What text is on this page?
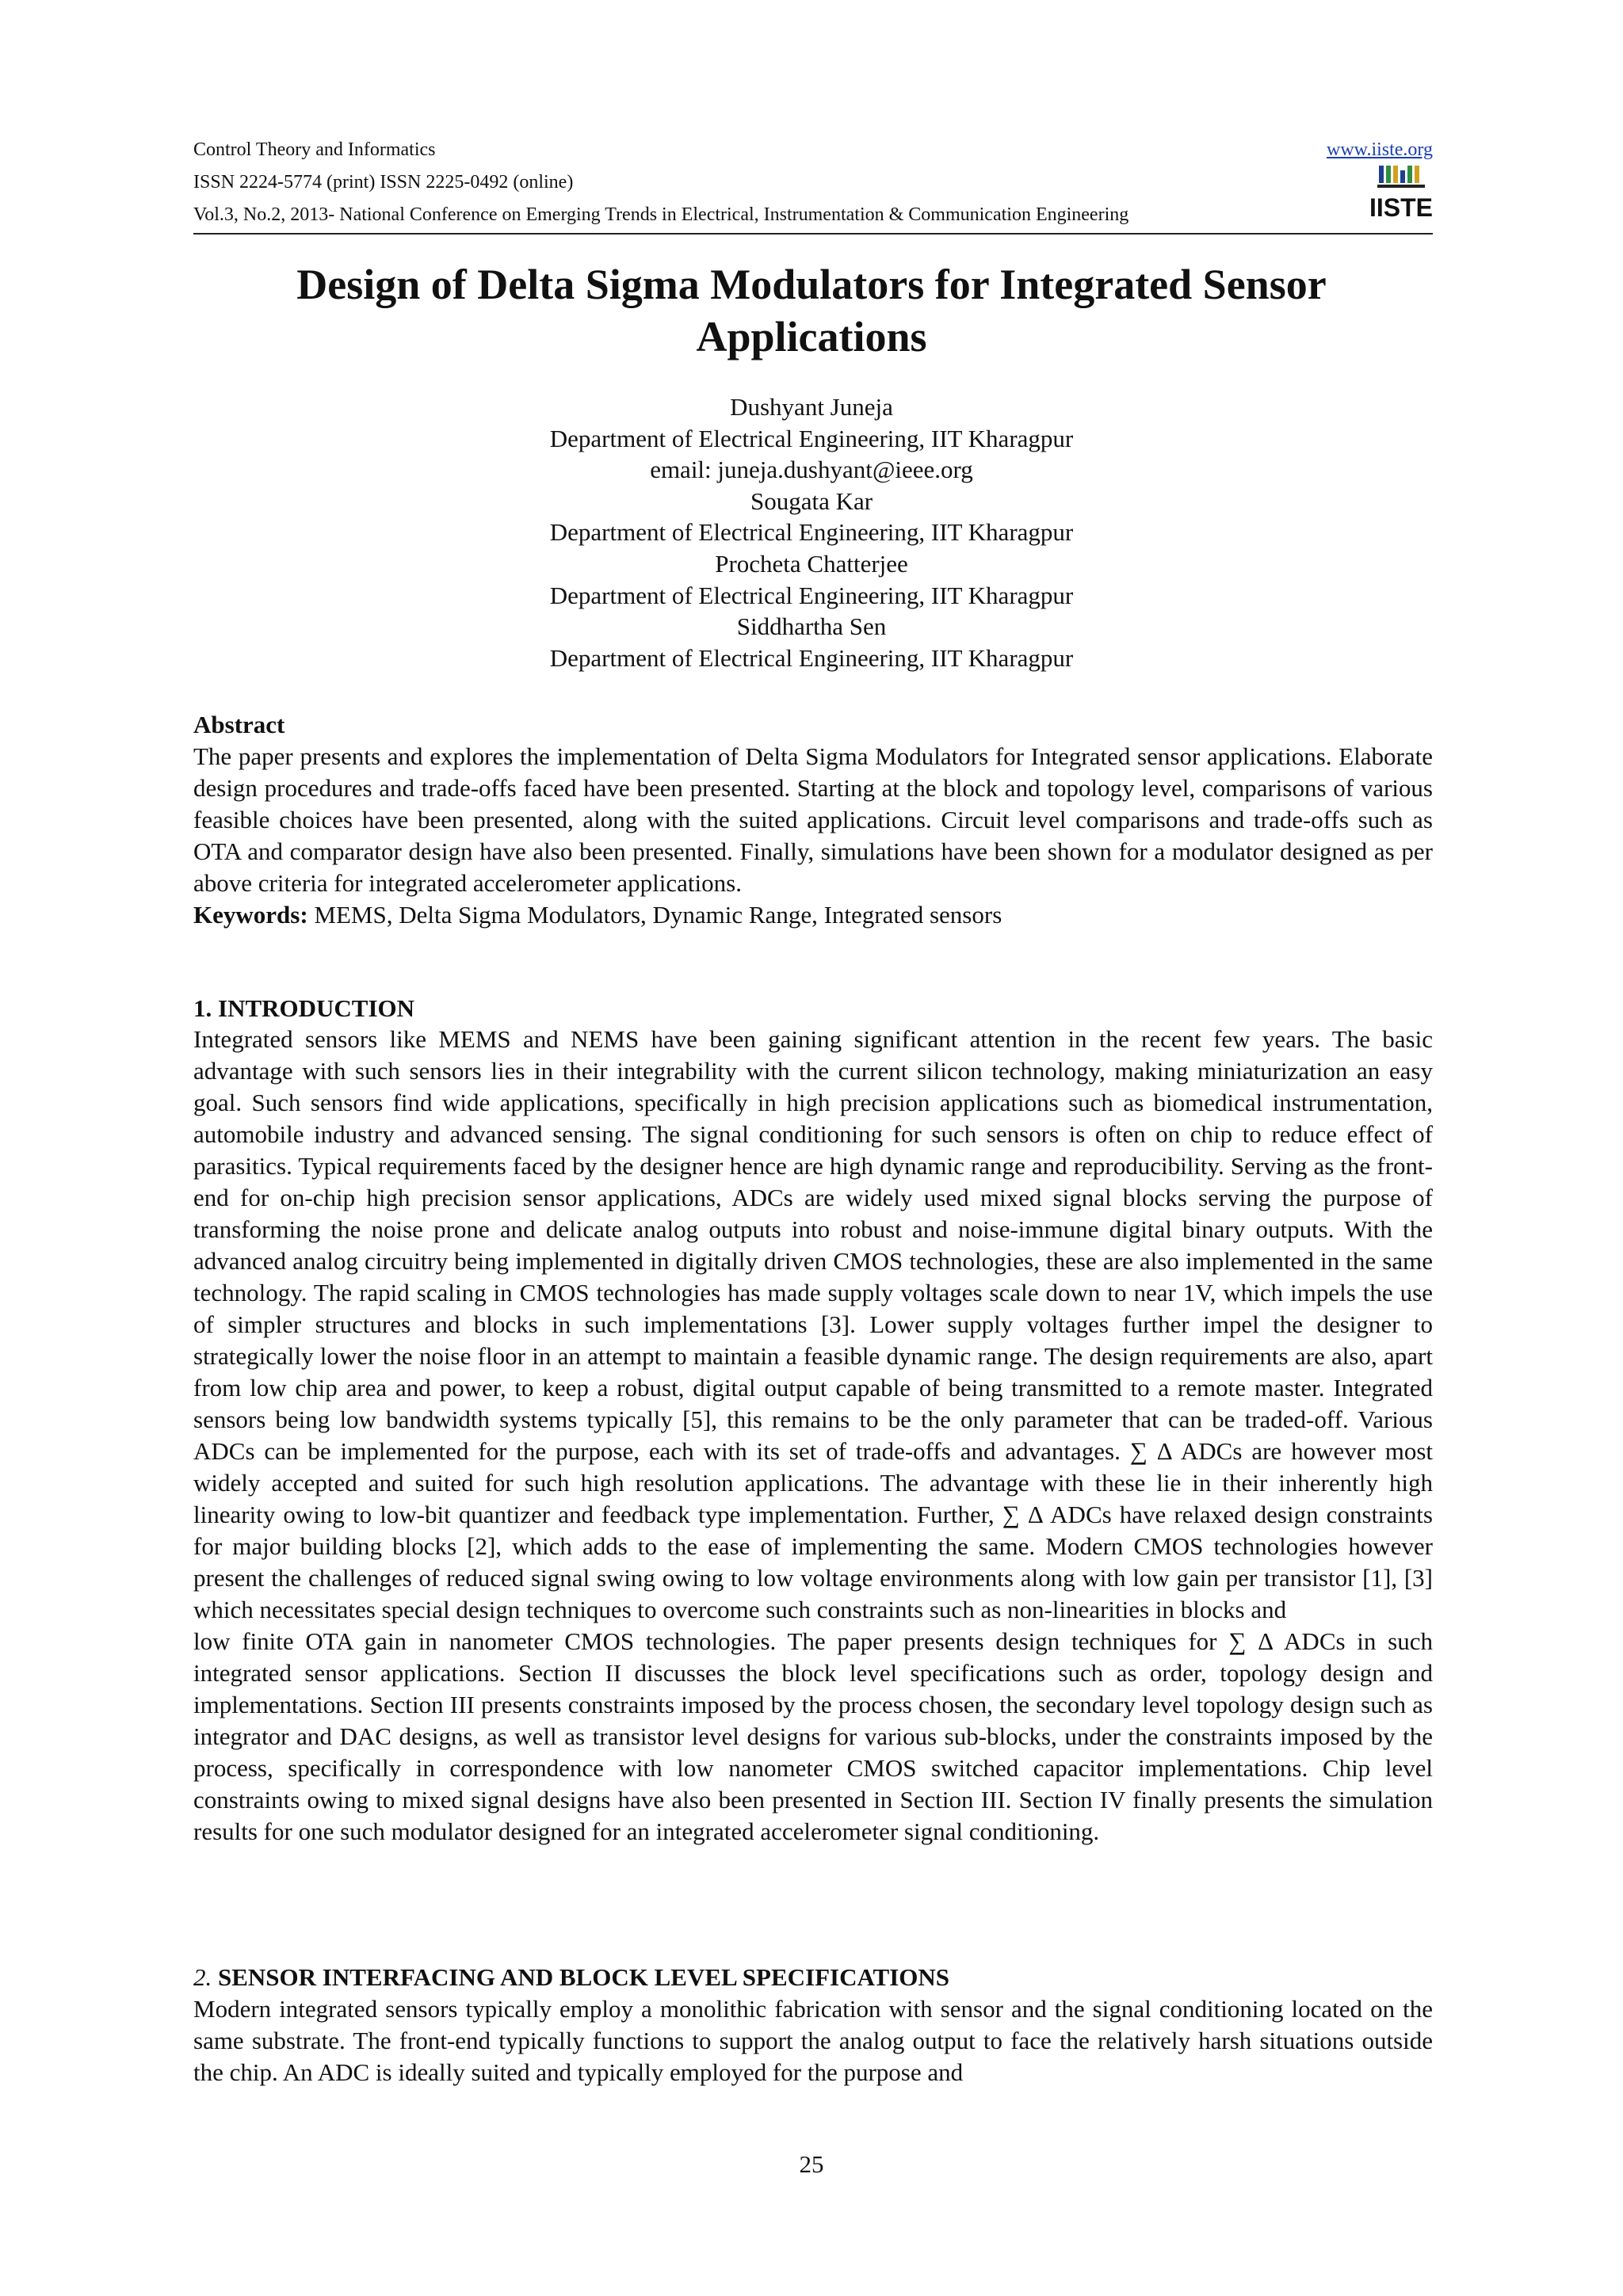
Control Theory and Informatics	www.iiste.org
ISSN 2224-5774 (print) ISSN 2225-0492 (online)
Vol.3, No.2, 2013- National Conference on Emerging Trends in Electrical, Instrumentation & Communication Engineering	IISTE
Design of Delta Sigma Modulators for Integrated Sensor Applications
Dushyant Juneja
Department of Electrical Engineering, IIT Kharagpur
email: juneja.dushyant@ieee.org
Sougata Kar
Department of Electrical Engineering, IIT Kharagpur
Procheta Chatterjee
Department of Electrical Engineering, IIT Kharagpur
Siddhartha Sen
Department of Electrical Engineering, IIT Kharagpur
Abstract

The paper presents and explores the implementation of Delta Sigma Modulators for Integrated sensor applications. Elaborate design procedures and trade-offs faced have been presented. Starting at the block and topology level, comparisons of various feasible choices have been presented, along with the suited applications. Circuit level comparisons and trade-offs such as OTA and comparator design have also been presented. Finally, simulations have been shown for a modulator designed as per above criteria for integrated accelerometer applications.

Keywords: MEMS, Delta Sigma Modulators, Dynamic Range, Integrated sensors

1. INTRODUCTION

Integrated sensors like MEMS and NEMS have been gaining significant attention in the recent few years. The basic advantage with such sensors lies in their integrability with the current silicon technology, making miniaturization an easy goal. Such sensors find wide applications, specifically in high precision applications such as biomedical instrumentation, automobile industry and advanced sensing. The signal conditioning for such sensors is often on chip to reduce effect of parasitics. Typical requirements faced by the designer hence are high dynamic range and reproducibility. Serving as the front-end for on-chip high precision sensor applications, ADCs are widely used mixed signal blocks serving the purpose of transforming the noise prone and delicate analog outputs into robust and noise-immune digital binary outputs. With the advanced analog circuitry being implemented in digitally driven CMOS technologies, these are also implemented in the same technology. The rapid scaling in CMOS technologies has made supply voltages scale down to near 1V, which impels the use of simpler structures and blocks in such implementations [3]. Lower supply voltages further impel the designer to strategically lower the noise floor in an attempt to maintain a feasible dynamic range. The design requirements are also, apart from low chip area and power, to keep a robust, digital output capable of being transmitted to a remote master. Integrated sensors being low bandwidth systems typically [5], this remains to be the only parameter that can be traded-off. Various ADCs can be implemented for the purpose, each with its set of trade-offs and advantages. ∑ Δ ADCs are however most widely accepted and suited for such high resolution applications. The advantage with these lie in their inherently high linearity owing to low-bit quantizer and feedback type implementation. Further, ∑ Δ ADCs have relaxed design constraints for major building blocks [2], which adds to the ease of implementing the same. Modern CMOS technologies however present the challenges of reduced signal swing owing to low voltage environments along with low gain per transistor [1], [3] which necessitates special design techniques to overcome such constraints such as non-linearities in blocks and

low finite OTA gain in nanometer CMOS technologies. The paper presents design techniques for ∑ Δ ADCs in such integrated sensor applications. Section II discusses the block level specifications such as order, topology design and implementations. Section III presents constraints imposed by the process chosen, the secondary level topology design such as integrator and DAC designs, as well as transistor level designs for various sub-blocks, under the constraints imposed by the process, specifically in correspondence with low nanometer CMOS switched capacitor implementations. Chip level constraints owing to mixed signal designs have also been presented in Section III. Section IV finally presents the simulation results for one such modulator designed for an integrated accelerometer signal conditioning.

2. SENSOR INTERFACING AND BLOCK LEVEL SPECIFICATIONS

Modern integrated sensors typically employ a monolithic fabrication with sensor and the signal conditioning located on the same substrate. The front-end typically functions to support the analog output to face the relatively harsh situations outside the chip. An ADC is ideally suited and typically employed for the purpose and

25
